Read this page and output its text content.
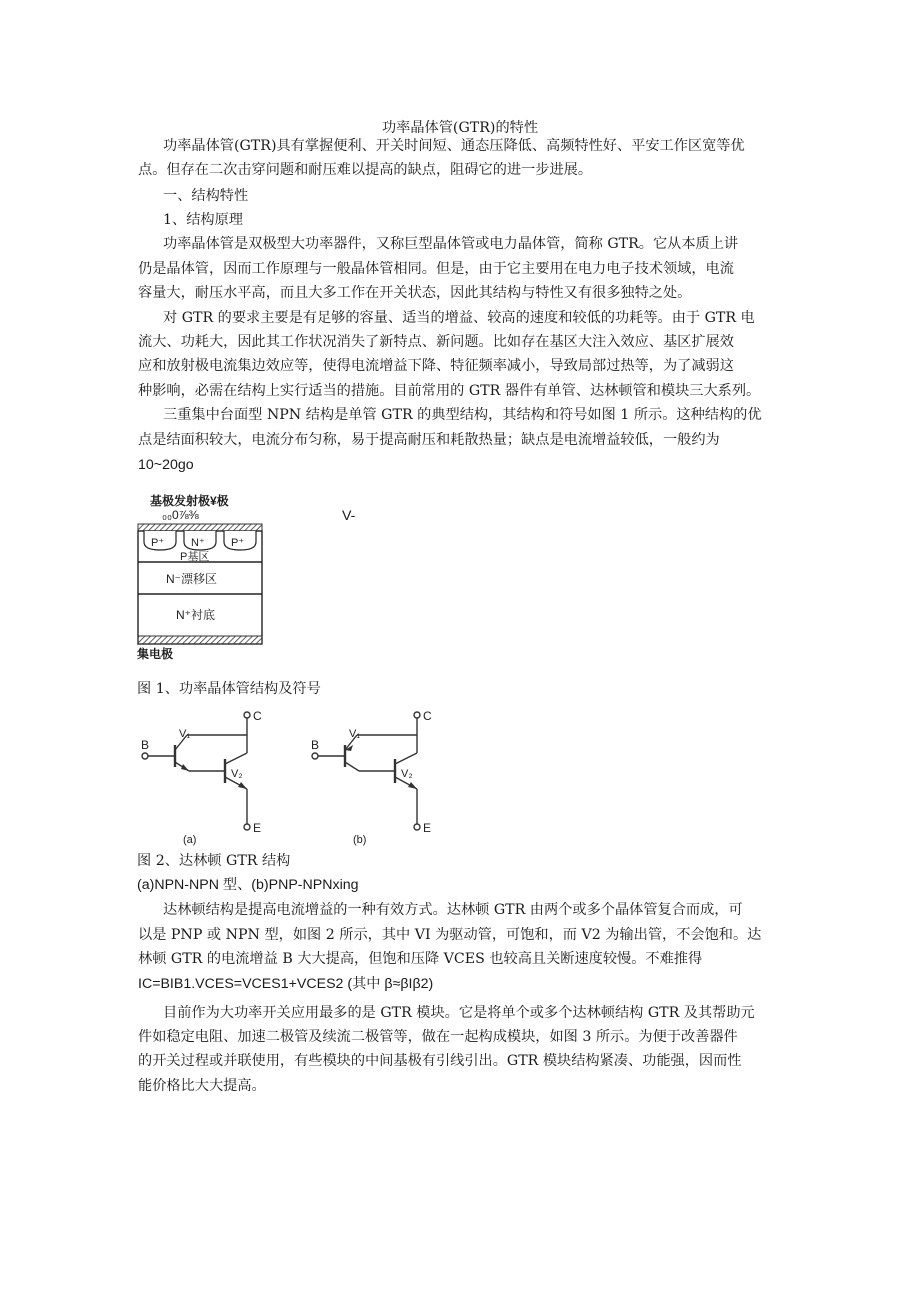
功率晶体管(GTR)的特性
功率晶体管(GTR)具有掌握便利、开关时间短、通态压降低、高频特性好、平安工作区宽等优
点。但存在二次击穿问题和耐压难以提高的缺点，阻碍它的进一步进展。
一、结构特性
1、结构原理
功率晶体管是双极型大功率器件，又称巨型晶体管或电力晶体管，简称 GTR。它从本质上讲
仍是晶体管，因而工作原理与一般晶体管相同。但是，由于它主要用在电力电子技术领域，电流
容量大，耐压水平高，而且大多工作在开关状态，因此其结构与特性又有很多独特之处。
对 GTR 的要求主要是有足够的容量、适当的增益、较高的速度和较低的功耗等。由于 GTR 电
流大、功耗大，因此其工作状况消失了新特点、新问题。比如存在基区大注入效应、基区扩展效
应和放射极电流集边效应等，使得电流增益下降、特征频率减小，导致局部过热等，为了减弱这
种影响，必需在结构上实行适当的措施。目前常用的 GTR 器件有单管、达林顿管和模块三大系列。
三重集中台面型 NPN 结构是单管 GTR 的典型结构，其结构和符号如图 1 所示。这种结构的优
点是结面积较大，电流分布匀称，易于提高耐压和耗散热量；缺点是电流增益较低，一般约为
10~20go
基极发射极¥极
₀₀0⅞⅜	V-
P⁺ N⁺ P⁺
P基区
N⁻漂移区
N⁺衬底
集电极
图 1、功率晶体管结构及符号
C
B
V₁
V₂
E
(a)
C
B
V₁
V₂
E
(b)
图 2、达林顿 GTR 结构
(a)NPN-NPN 型、(b)PNP-NPNxing
达林顿结构是提高电流增益的一种有效方式。达林顿 GTR 由两个或多个晶体管复合而成，可
以是 PNP 或 NPN 型，如图 2 所示，其中 VI 为驱动管，可饱和，而 V2 为输出管，不会饱和。达
林顿 GTR 的电流增益 B 大大提高，但饱和压降 VCES 也较高且关断速度较慢。不难推得
IC=BIB1.VCES=VCES1+VCES2 (其中 β≈βIβ2)
目前作为大功率开关应用最多的是 GTR 模块。它是将单个或多个达林顿结构 GTR 及其帮助元
件如稳定电阻、加速二极管及续流二极管等，做在一起构成模块，如图 3 所示。为便于改善器件
的开关过程或并联使用，有些模块的中间基极有引线引出。GTR 模块结构紧凑、功能强，因而性
能价格比大大提高。
